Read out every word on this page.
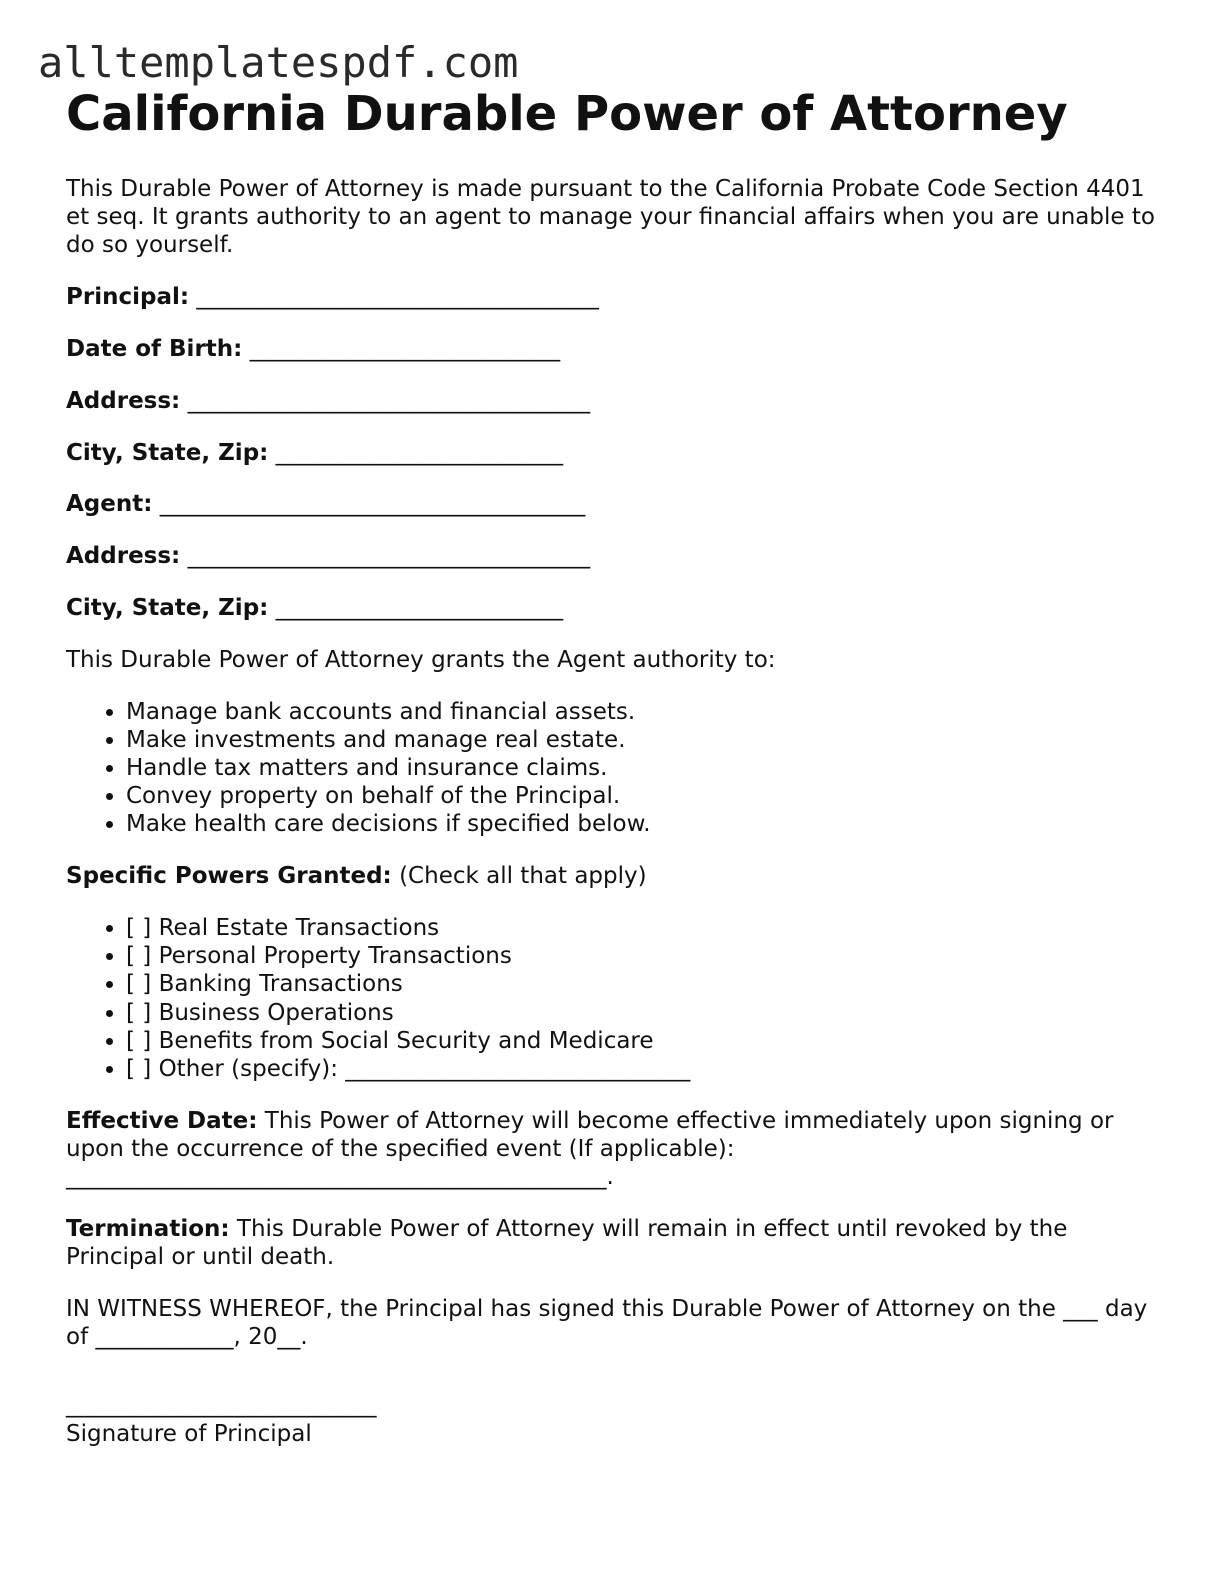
alltemplatespdf.com
California Durable Power of Attorney

This Durable Power of Attorney is made pursuant to the California Probate Code Section 4401 et seq. It grants authority to an agent to manage your financial affairs when you are unable to do so yourself.

Principal: ___________________________________
Date of Birth: ___________________________
Address: ___________________________________
City, State, Zip: _________________________
Agent: _____________________________________
Address: ___________________________________
City, State, Zip: _________________________

This Durable Power of Attorney grants the Agent authority to:

• Manage bank accounts and financial assets.
• Make investments and manage real estate.
• Handle tax matters and insurance claims.
• Convey property on behalf of the Principal.
• Make health care decisions if specified below.

Specific Powers Granted: (Check all that apply)

• [ ] Real Estate Transactions
• [ ] Personal Property Transactions
• [ ] Banking Transactions
• [ ] Business Operations
• [ ] Benefits from Social Security and Medicare
• [ ] Other (specify): ______________________________

Effective Date: This Power of Attorney will become effective immediately upon signing or upon the occurrence of the specified event (If applicable): _______________________________________________.

Termination: This Durable Power of Attorney will remain in effect until revoked by the Principal or until death.

IN WITNESS WHEREOF, the Principal has signed this Durable Power of Attorney on the ___ day of ____________, 20__.

___________________________
Signature of Principal
